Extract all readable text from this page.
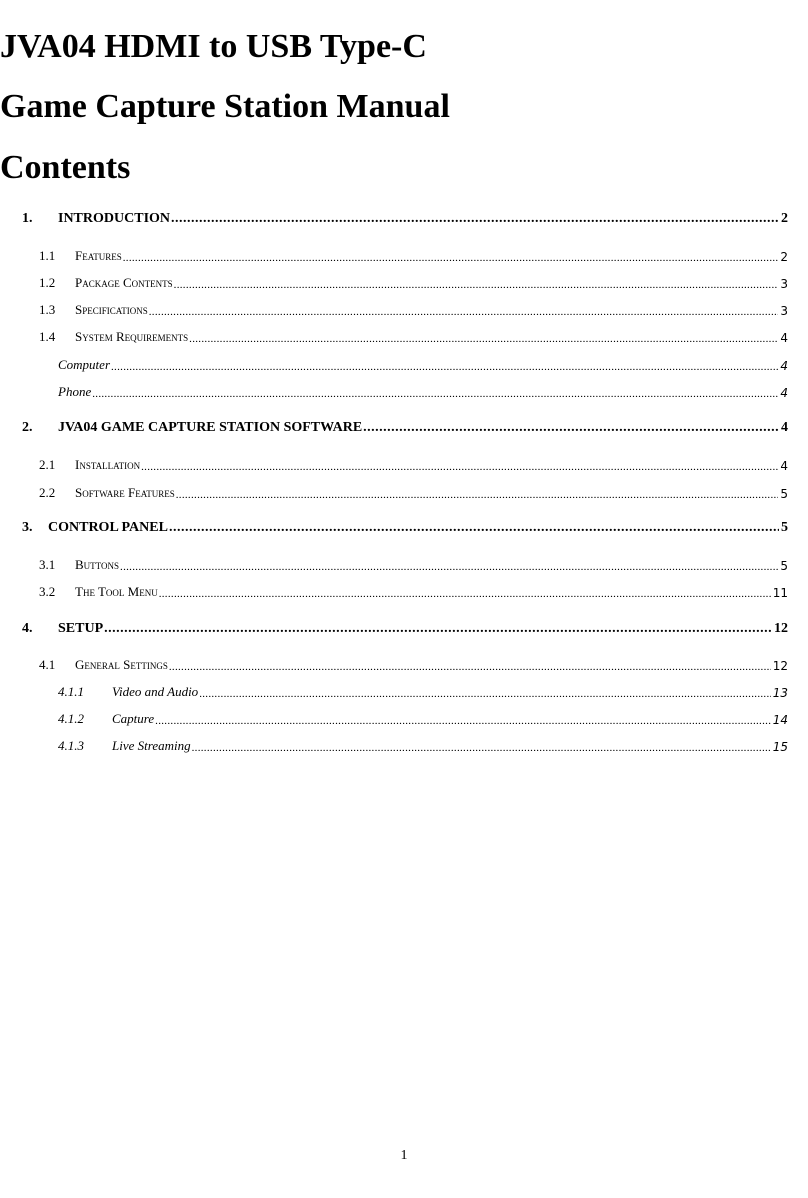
JVA04 HDMI to USB Type-C
Game Capture Station Manual
Contents
1.	INTRODUCTION .....	2
1.1	Features .....	2
1.2	Package Contents .....	3
1.3	Specifications .....	3
1.4	System Requirements .....	4
Computer .....	4
Phone .....	4
2.	JVA04 GAME CAPTURE STATION SOFTWARE .....	4
2.1	Installation .....	4
2.2	Software Features .....	5
3.	CONTROL PANEL .....	5
3.1	Buttons .....	5
3.2	The Tool Menu .....	11
4.	SETUP .....	12
4.1	General Settings .....	12
4.1.1	Video and Audio .....	13
4.1.2	Capture .....	14
4.1.3	Live Streaming .....	15
1
